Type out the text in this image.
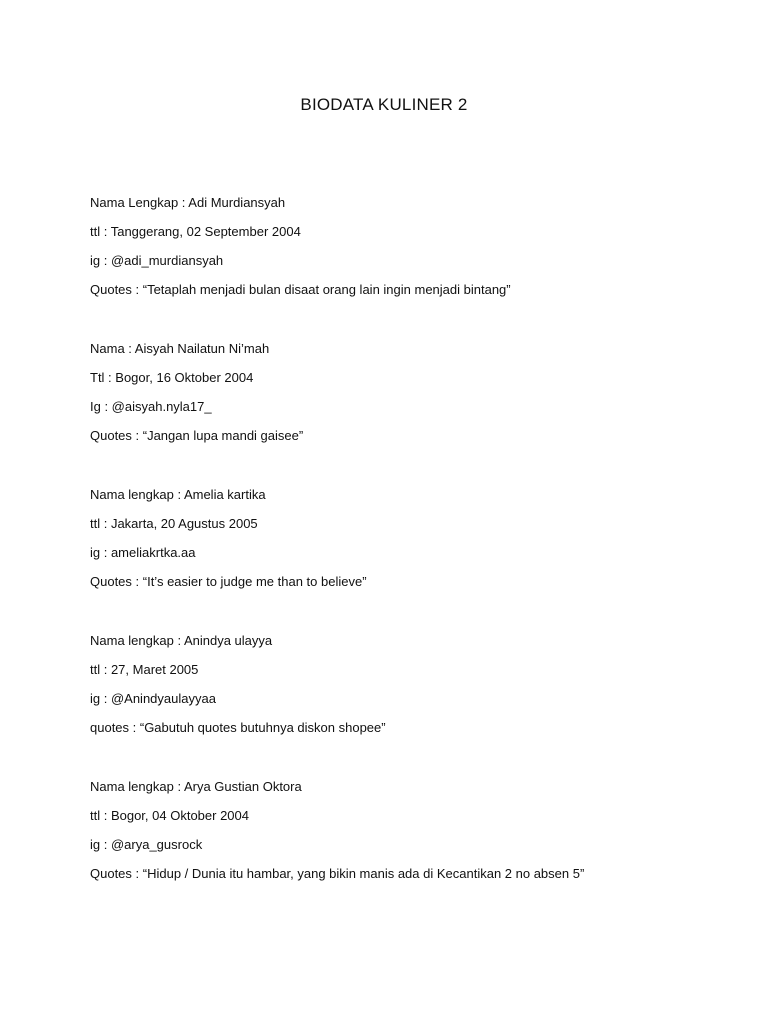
BIODATA KULINER 2
Nama Lengkap : Adi Murdiansyah
ttl : Tanggerang, 02 September 2004
ig : @adi_murdiansyah
Quotes : “Tetaplah menjadi bulan disaat orang lain ingin menjadi bintang”
Nama : Aisyah Nailatun Ni’mah
Ttl : Bogor, 16 Oktober 2004
Ig : @aisyah.nyla17_
Quotes : “Jangan lupa mandi gaisee”
Nama lengkap : Amelia kartika
ttl : Jakarta, 20 Agustus 2005
ig : ameliakrtka.aa
Quotes : “It’s easier to judge me than to believe”
Nama lengkap : Anindya ulayya
ttl : 27, Maret 2005
ig : @Anindyaulayyaa
quotes : “Gabutuh quotes butuhnya diskon shopee”
Nama lengkap : Arya Gustian Oktora
ttl : Bogor, 04 Oktober 2004
ig : @arya_gusrock
Quotes : “Hidup / Dunia itu hambar, yang bikin manis ada di Kecantikan 2 no absen 5”
